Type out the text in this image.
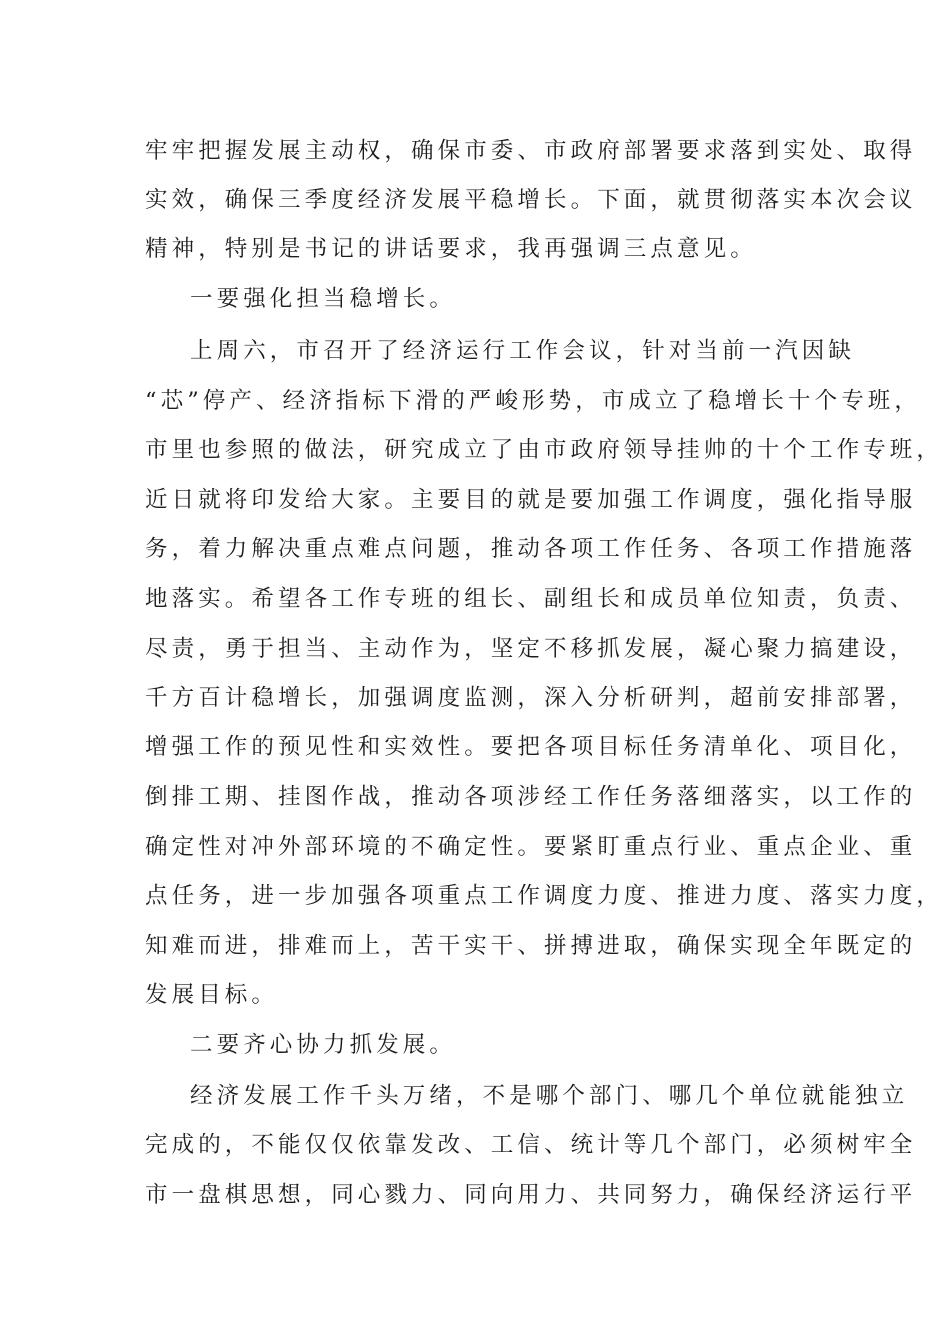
牢牢把握发展主动权，确保市委、市政府部署要求落到实处、取得
实效，确保三季度经济发展平稳增长。下面，就贯彻落实本次会议
精神，特别是书记的讲话要求，我再强调三点意见。
一要强化担当稳增长。
上周六，市召开了经济运行工作会议，针对当前一汽因缺
“芯”停产、经济指标下滑的严峻形势，市成立了稳增长十个专班，
市里也参照的做法，研究成立了由市政府领导挂帅的十个工作专班，
近日就将印发给大家。主要目的就是要加强工作调度，强化指导服
务，着力解决重点难点问题，推动各项工作任务、各项工作措施落
地落实。希望各工作专班的组长、副组长和成员单位知责，负责、
尽责，勇于担当、主动作为，坚定不移抓发展，凝心聚力搞建设，
千方百计稳增长，加强调度监测，深入分析研判，超前安排部署，
增强工作的预见性和实效性。要把各项目标任务清单化、项目化，
倒排工期、挂图作战，推动各项涉经工作任务落细落实，以工作的
确定性对冲外部环境的不确定性。要紧盯重点行业、重点企业、重
点任务，进一步加强各项重点工作调度力度、推进力度、落实力度，
知难而进，排难而上，苦干实干、拼搏进取，确保实现全年既定的
发展目标。
二要齐心协力抓发展。
经济发展工作千头万绪，不是哪个部门、哪几个单位就能独立
完成的，不能仅仅依靠发改、工信、统计等几个部门，必须树牢全
市一盘棋思想，同心戮力、同向用力、共同努力，确保经济运行平
